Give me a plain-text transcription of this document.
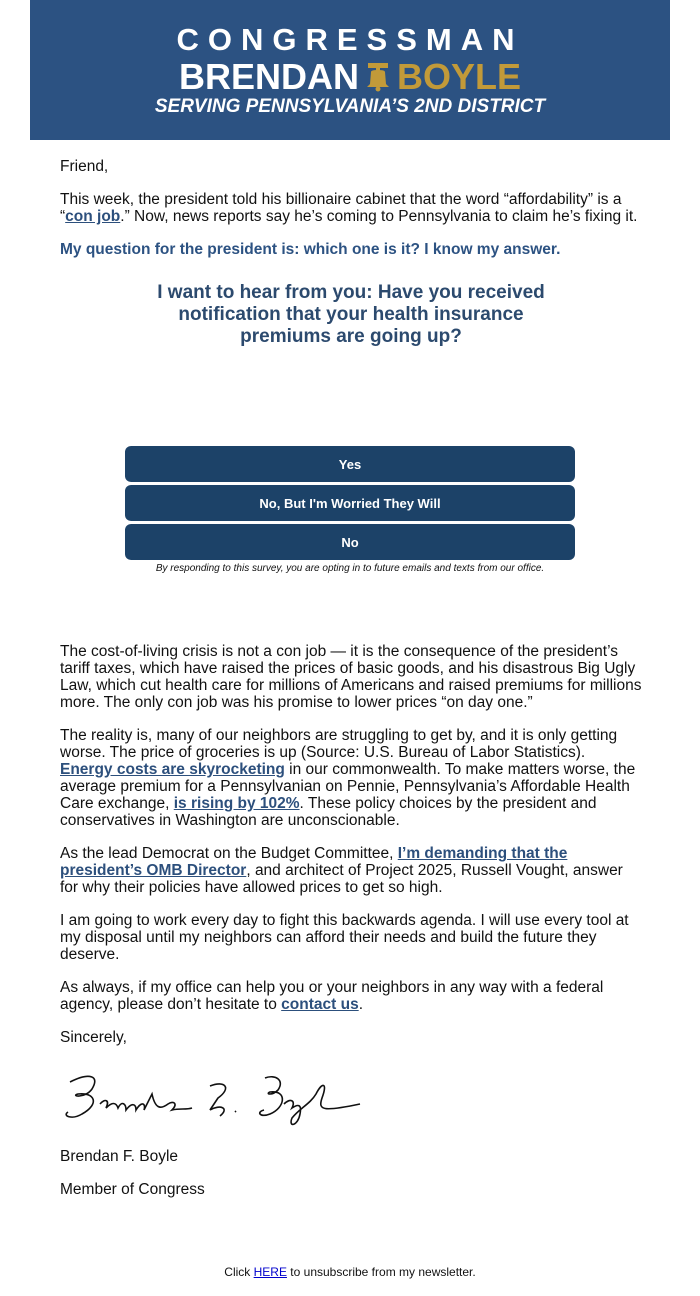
CONGRESSMAN
BRENDAN BOYLE
SERVING PENNSYLVANIA’S 2ND DISTRICT

Friend,

This week, the president told his billionaire cabinet that the word “affordability” is a “con job.” Now, news reports say he’s coming to Pennsylvania to claim he’s fixing it.

My question for the president is: which one is it? I know my answer.

I want to hear from you: Have you received notification that your health insurance premiums are going up?
Yes
No, But I'm Worried They Will
No
By responding to this survey, you are opting in to future emails and texts from our office.

The cost-of-living crisis is not a con job — it is the consequence of the president’s tariff taxes, which have raised the prices of basic goods, and his disastrous Big Ugly Law, which cut health care for millions of Americans and raised premiums for millions more. The only con job was his promise to lower prices “on day one.”

The reality is, many of our neighbors are struggling to get by, and it is only getting worse. The price of groceries is up (Source: U.S. Bureau of Labor Statistics). Energy costs are skyrocketing in our commonwealth. To make matters worse, the average premium for a Pennsylvanian on Pennie, Pennsylvania’s Affordable Health Care exchange, is rising by 102%. These policy choices by the president and conservatives in Washington are unconscionable.

As the lead Democrat on the Budget Committee, I’m demanding that the president’s OMB Director, and architect of Project 2025, Russell Vought, answer for why their policies have allowed prices to get so high.

I am going to work every day to fight this backwards agenda. I will use every tool at my disposal until my neighbors can afford their needs and build the future they deserve.

As always, if my office can help you or your neighbors in any way with a federal agency, please don’t hesitate to contact us.

Sincerely,

Brendan F. Boyle

Member of Congress

Click HERE to unsubscribe from my newsletter.
